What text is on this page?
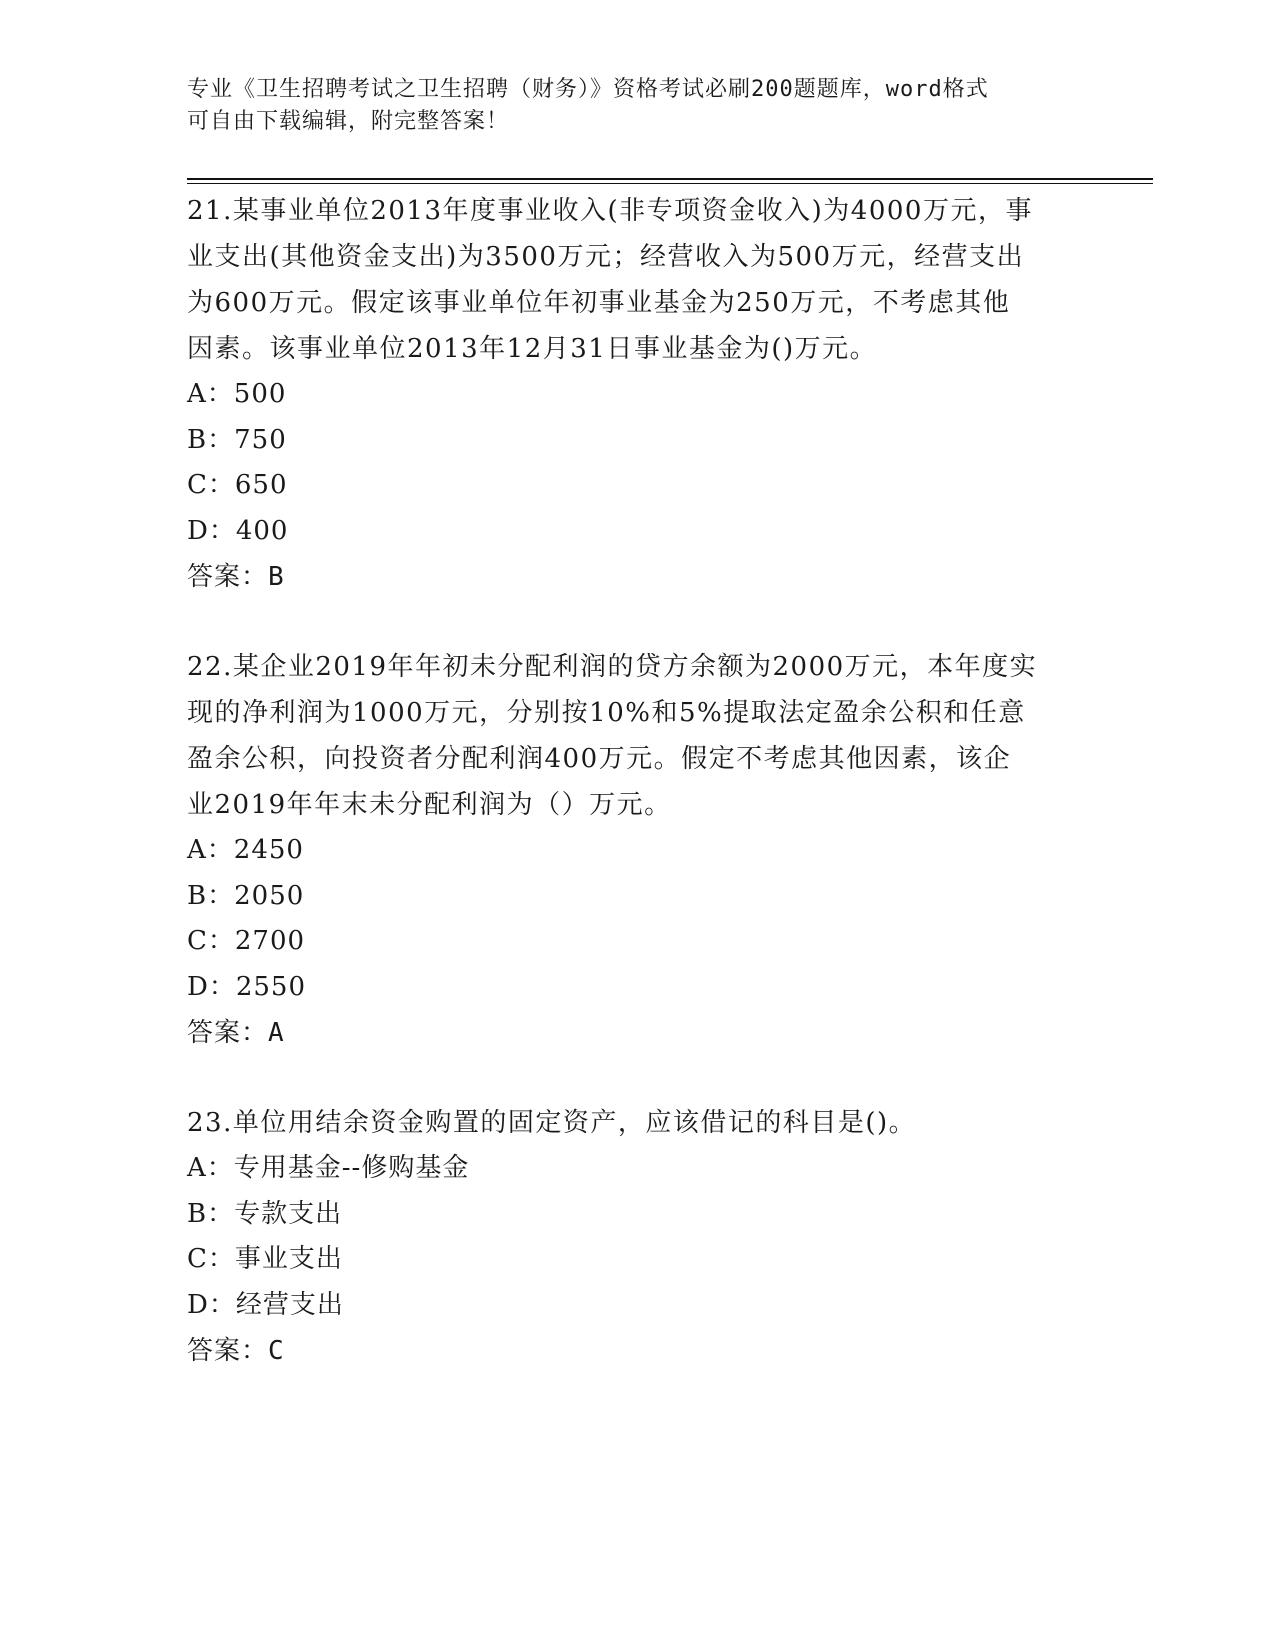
专业《卫生招聘考试之卫生招聘（财务）》资格考试必刷200题题库，word格式
可自由下载编辑，附完整答案！
21.某事业单位2013年度事业收入(非专项资金收入)为4000万元，事
业支出(其他资金支出)为3500万元；经营收入为500万元，经营支出
为600万元。假定该事业单位年初事业基金为250万元，不考虑其他
因素。该事业单位2013年12月31日事业基金为()万元。
A：500
B：750
C：650
D：400
答案：B
22.某企业2019年年初未分配利润的贷方余额为2000万元，本年度实
现的净利润为1000万元，分别按10%和5%提取法定盈余公积和任意
盈余公积，向投资者分配利润400万元。假定不考虑其他因素，该企
业2019年年末未分配利润为（）万元。
A：2450
B：2050
C：2700
D：2550
答案：A
23.单位用结余资金购置的固定资产，应该借记的科目是()。
A：专用基金--修购基金
B：专款支出
C：事业支出
D：经营支出
答案：C
